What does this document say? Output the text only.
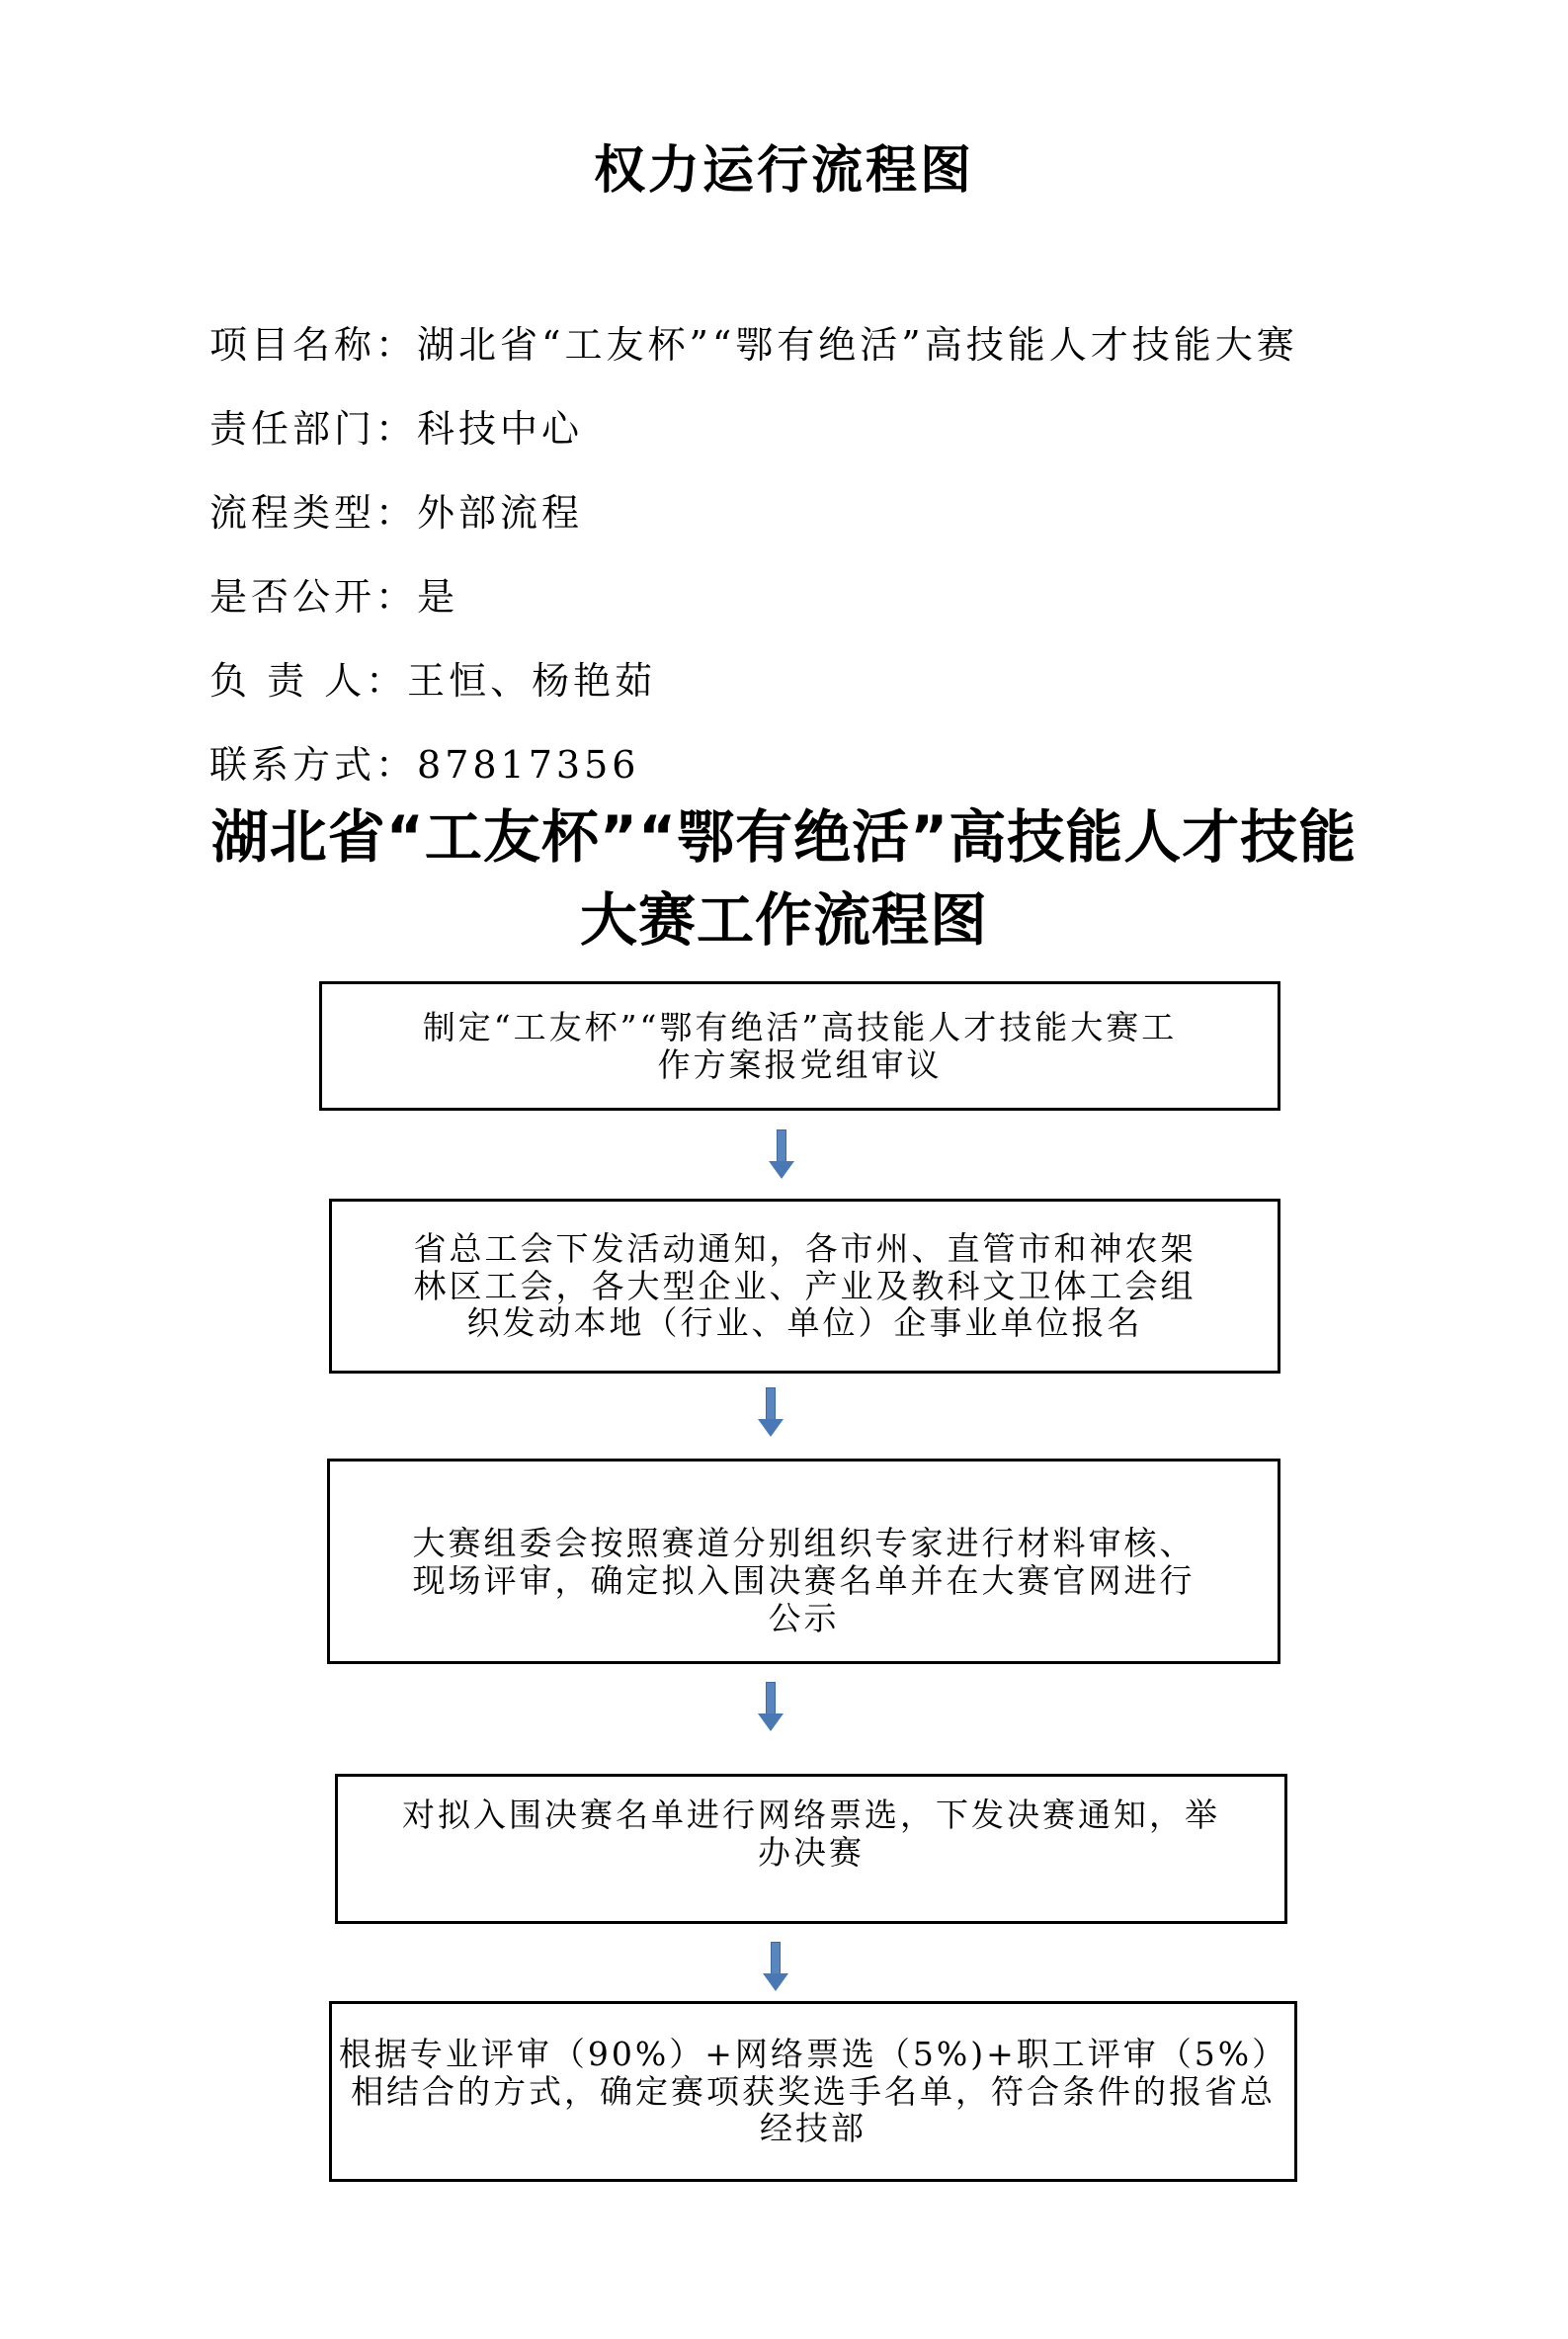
权力运行流程图
项目名称：湖北省“工友杯”“鄂有绝活”高技能人才技能大赛
责任部门：科技中心
流程类型：外部流程
是否公开：是
负 责 人：王恒、杨艳茹
联系方式：87817356
湖北省“工友杯”“鄂有绝活”高技能人才技能
大赛工作流程图
制定“工友杯”“鄂有绝活”高技能人才技能大赛工
作方案报党组审议
省总工会下发活动通知，各市州、直管市和神农架
林区工会，各大型企业、产业及教科文卫体工会组
织发动本地（行业、单位）企事业单位报名
大赛组委会按照赛道分别组织专家进行材料审核、
现场评审，确定拟入围决赛名单并在大赛官网进行
公示
对拟入围决赛名单进行网络票选，下发决赛通知，举
办决赛
根据专业评审（90%）+网络票选（5%)+职工评审（5%）
相结合的方式，确定赛项获奖选手名单，符合条件的报省总
经技部
